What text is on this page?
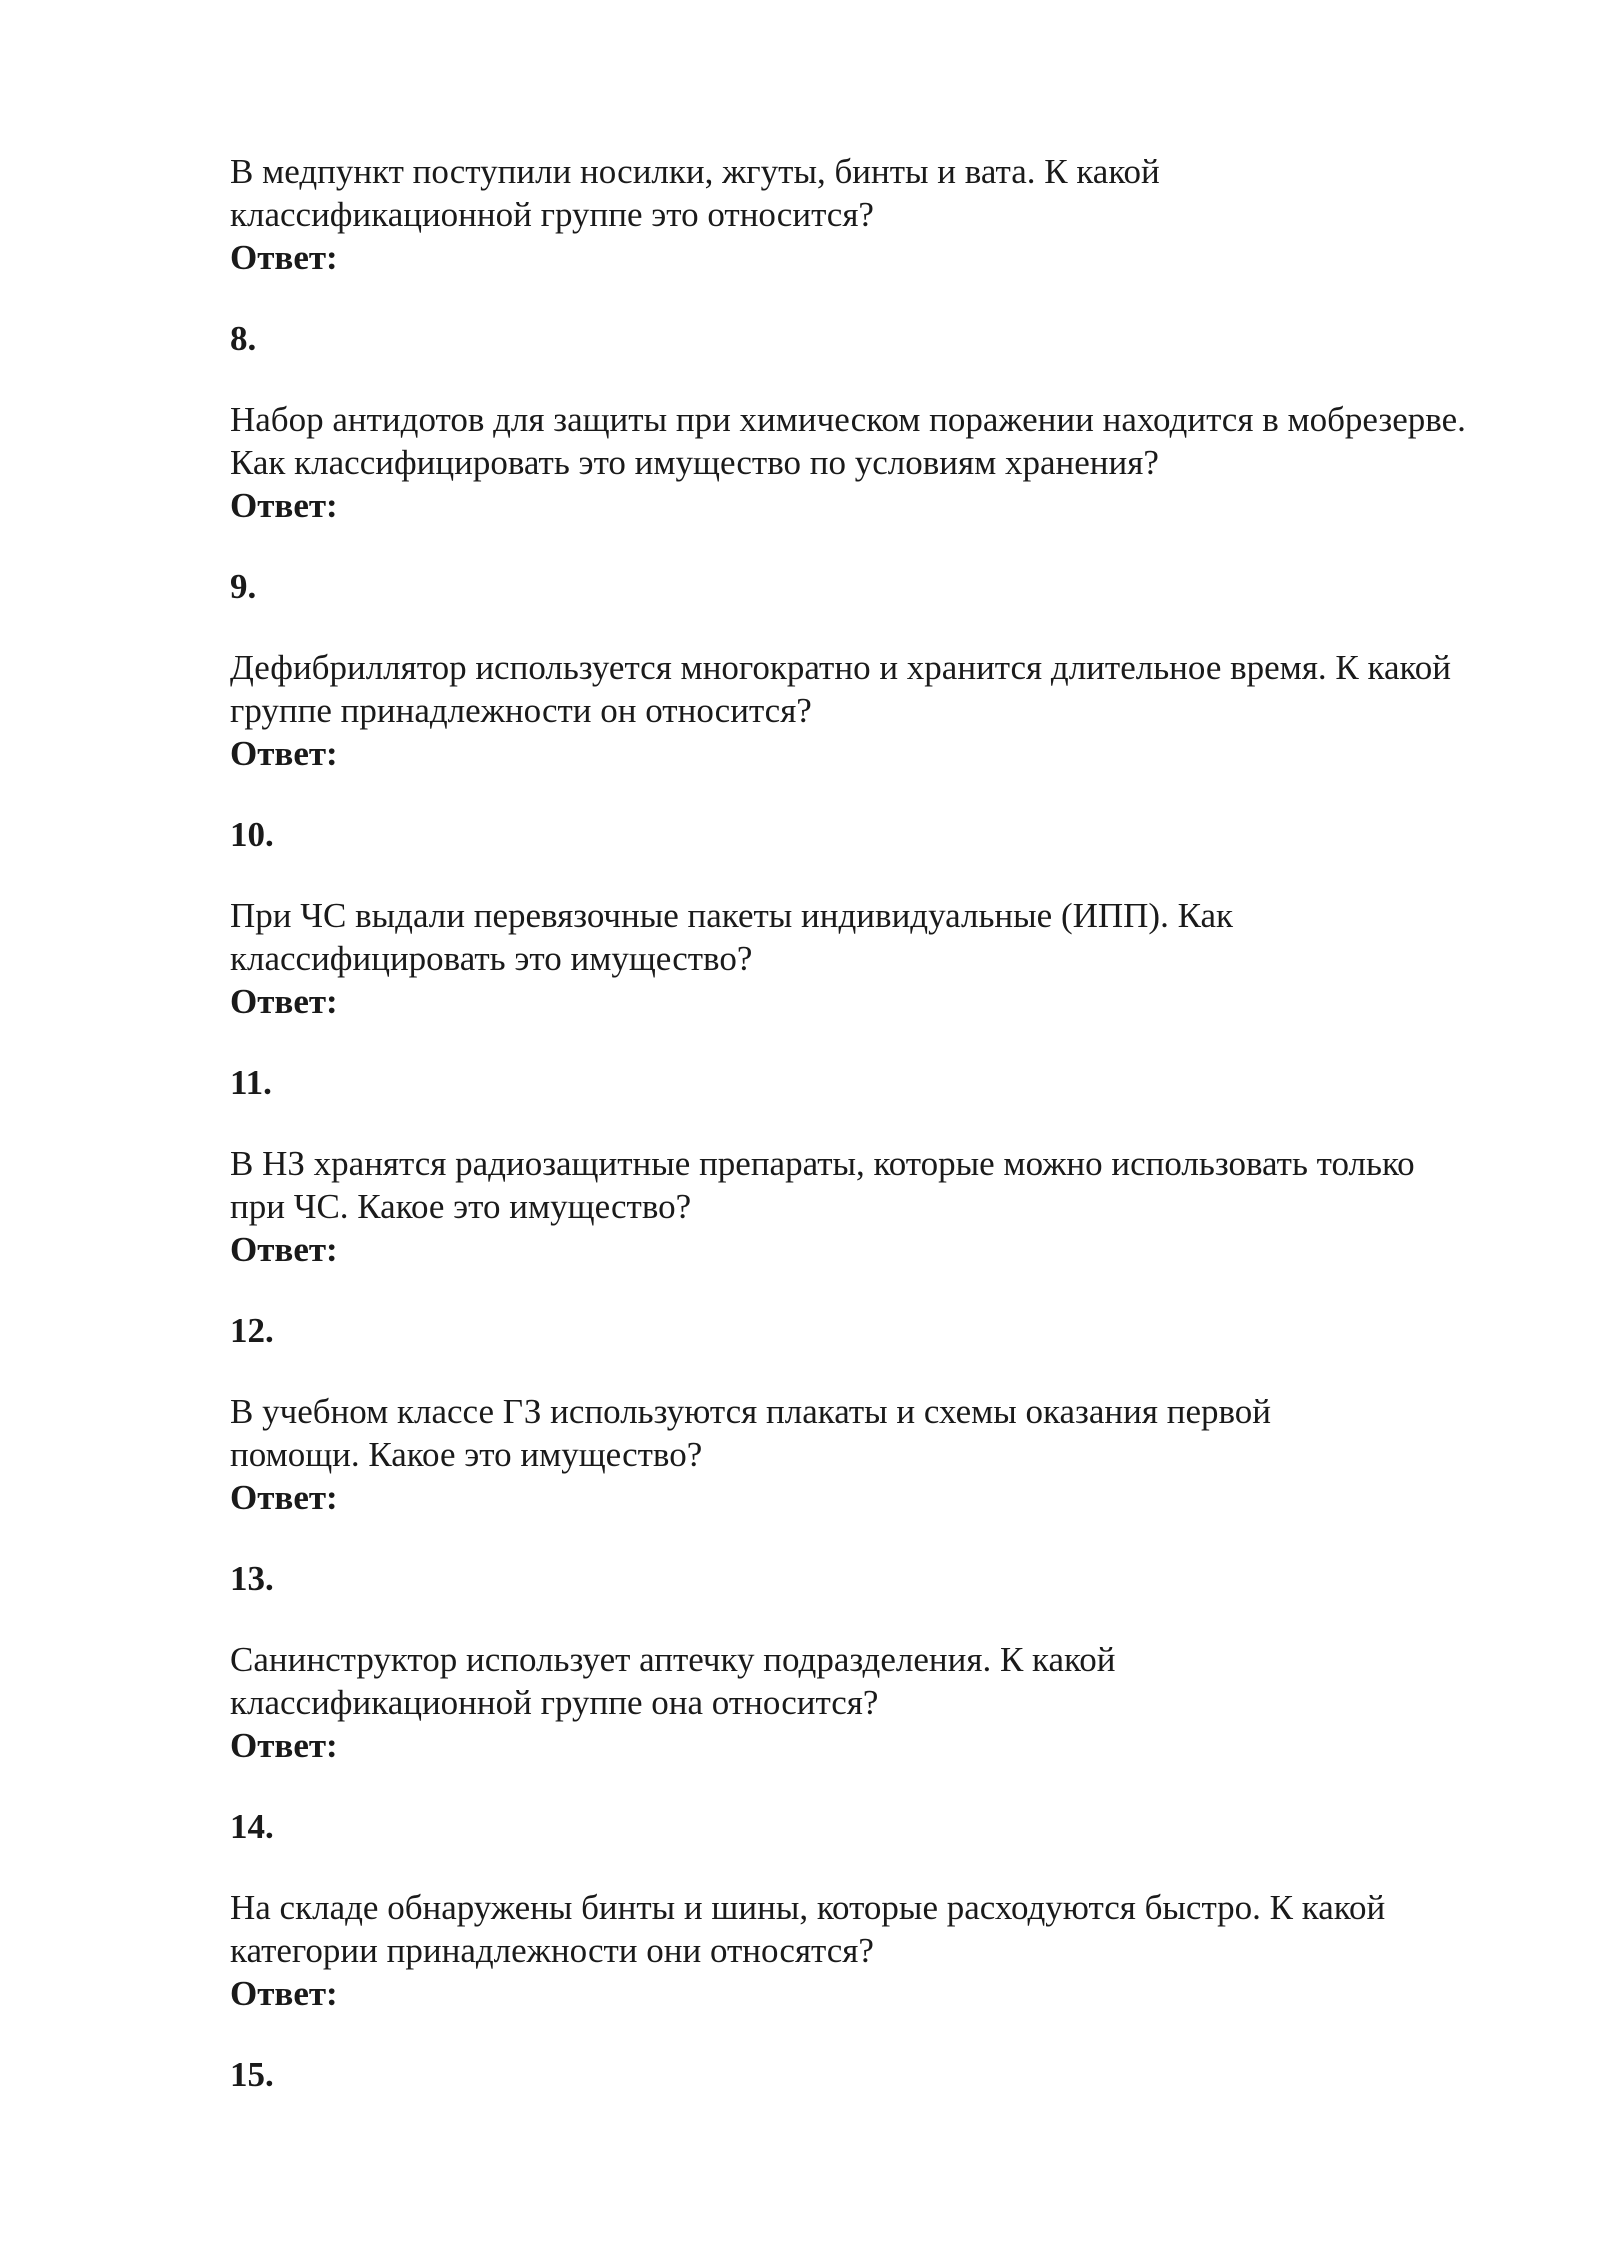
В медпункт поступили носилки, жгуты, бинты и вата. К какой классификационной группе это относится?

Ответ:

8.

Набор антидотов для защиты при химическом поражении находится в мобрезерве. Как классифицировать это имущество по условиям хранения?

Ответ:

9.

Дефибриллятор используется многократно и хранится длительное время. К какой группе принадлежности он относится?

Ответ:

10.

При ЧС выдали перевязочные пакеты индивидуальные (ИПП). Как классифицировать это имущество?

Ответ:

11.

В НЗ хранятся радиозащитные препараты, которые можно использовать только при ЧС. Какое это имущество?

Ответ:

12.

В учебном классе ГЗ используются плакаты и схемы оказания первой помощи. Какое это имущество?

Ответ:

13.

Санинструктор использует аптечку подразделения. К какой классификационной группе она относится?

Ответ:

14.

На складе обнаружены бинты и шины, которые расходуются быстро. К какой категории принадлежности они относятся?

Ответ:

15.
